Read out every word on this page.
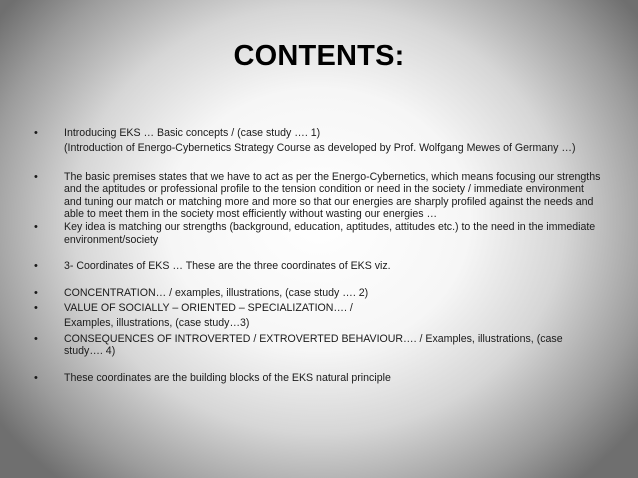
CONTENTS:
• Introducing EKS … Basic concepts / (case study …. 1)
(Introduction of Energo-Cybernetics Strategy Course as developed by Prof. Wolfgang Mewes of Germany …)
• The basic premises states that we have to act as per the Energo-Cybernetics, which means focusing our strengths and the aptitudes or professional profile to the tension condition or need in the society / immediate environment and tuning our match or matching more and more so that our energies are sharply profiled against the needs and able to meet them in the society most efficiently without wasting our energies …
• Key idea is matching our strengths (background, education, aptitudes, attitudes etc.) to the need in the immediate environment/society
• 3- Coordinates of EKS … These are the three coordinates of EKS viz.
• CONCENTRATION… / examples, illustrations, (case study …. 2)
• VALUE OF SOCIALLY – ORIENTED – SPECIALIZATION…. /
Examples, illustrations, (case study…3)
• CONSEQUENCES OF INTROVERTED / EXTROVERTED BEHAVIOUR…. / Examples, illustrations, (case study…. 4)
• These coordinates are the building blocks of the EKS natural principle
